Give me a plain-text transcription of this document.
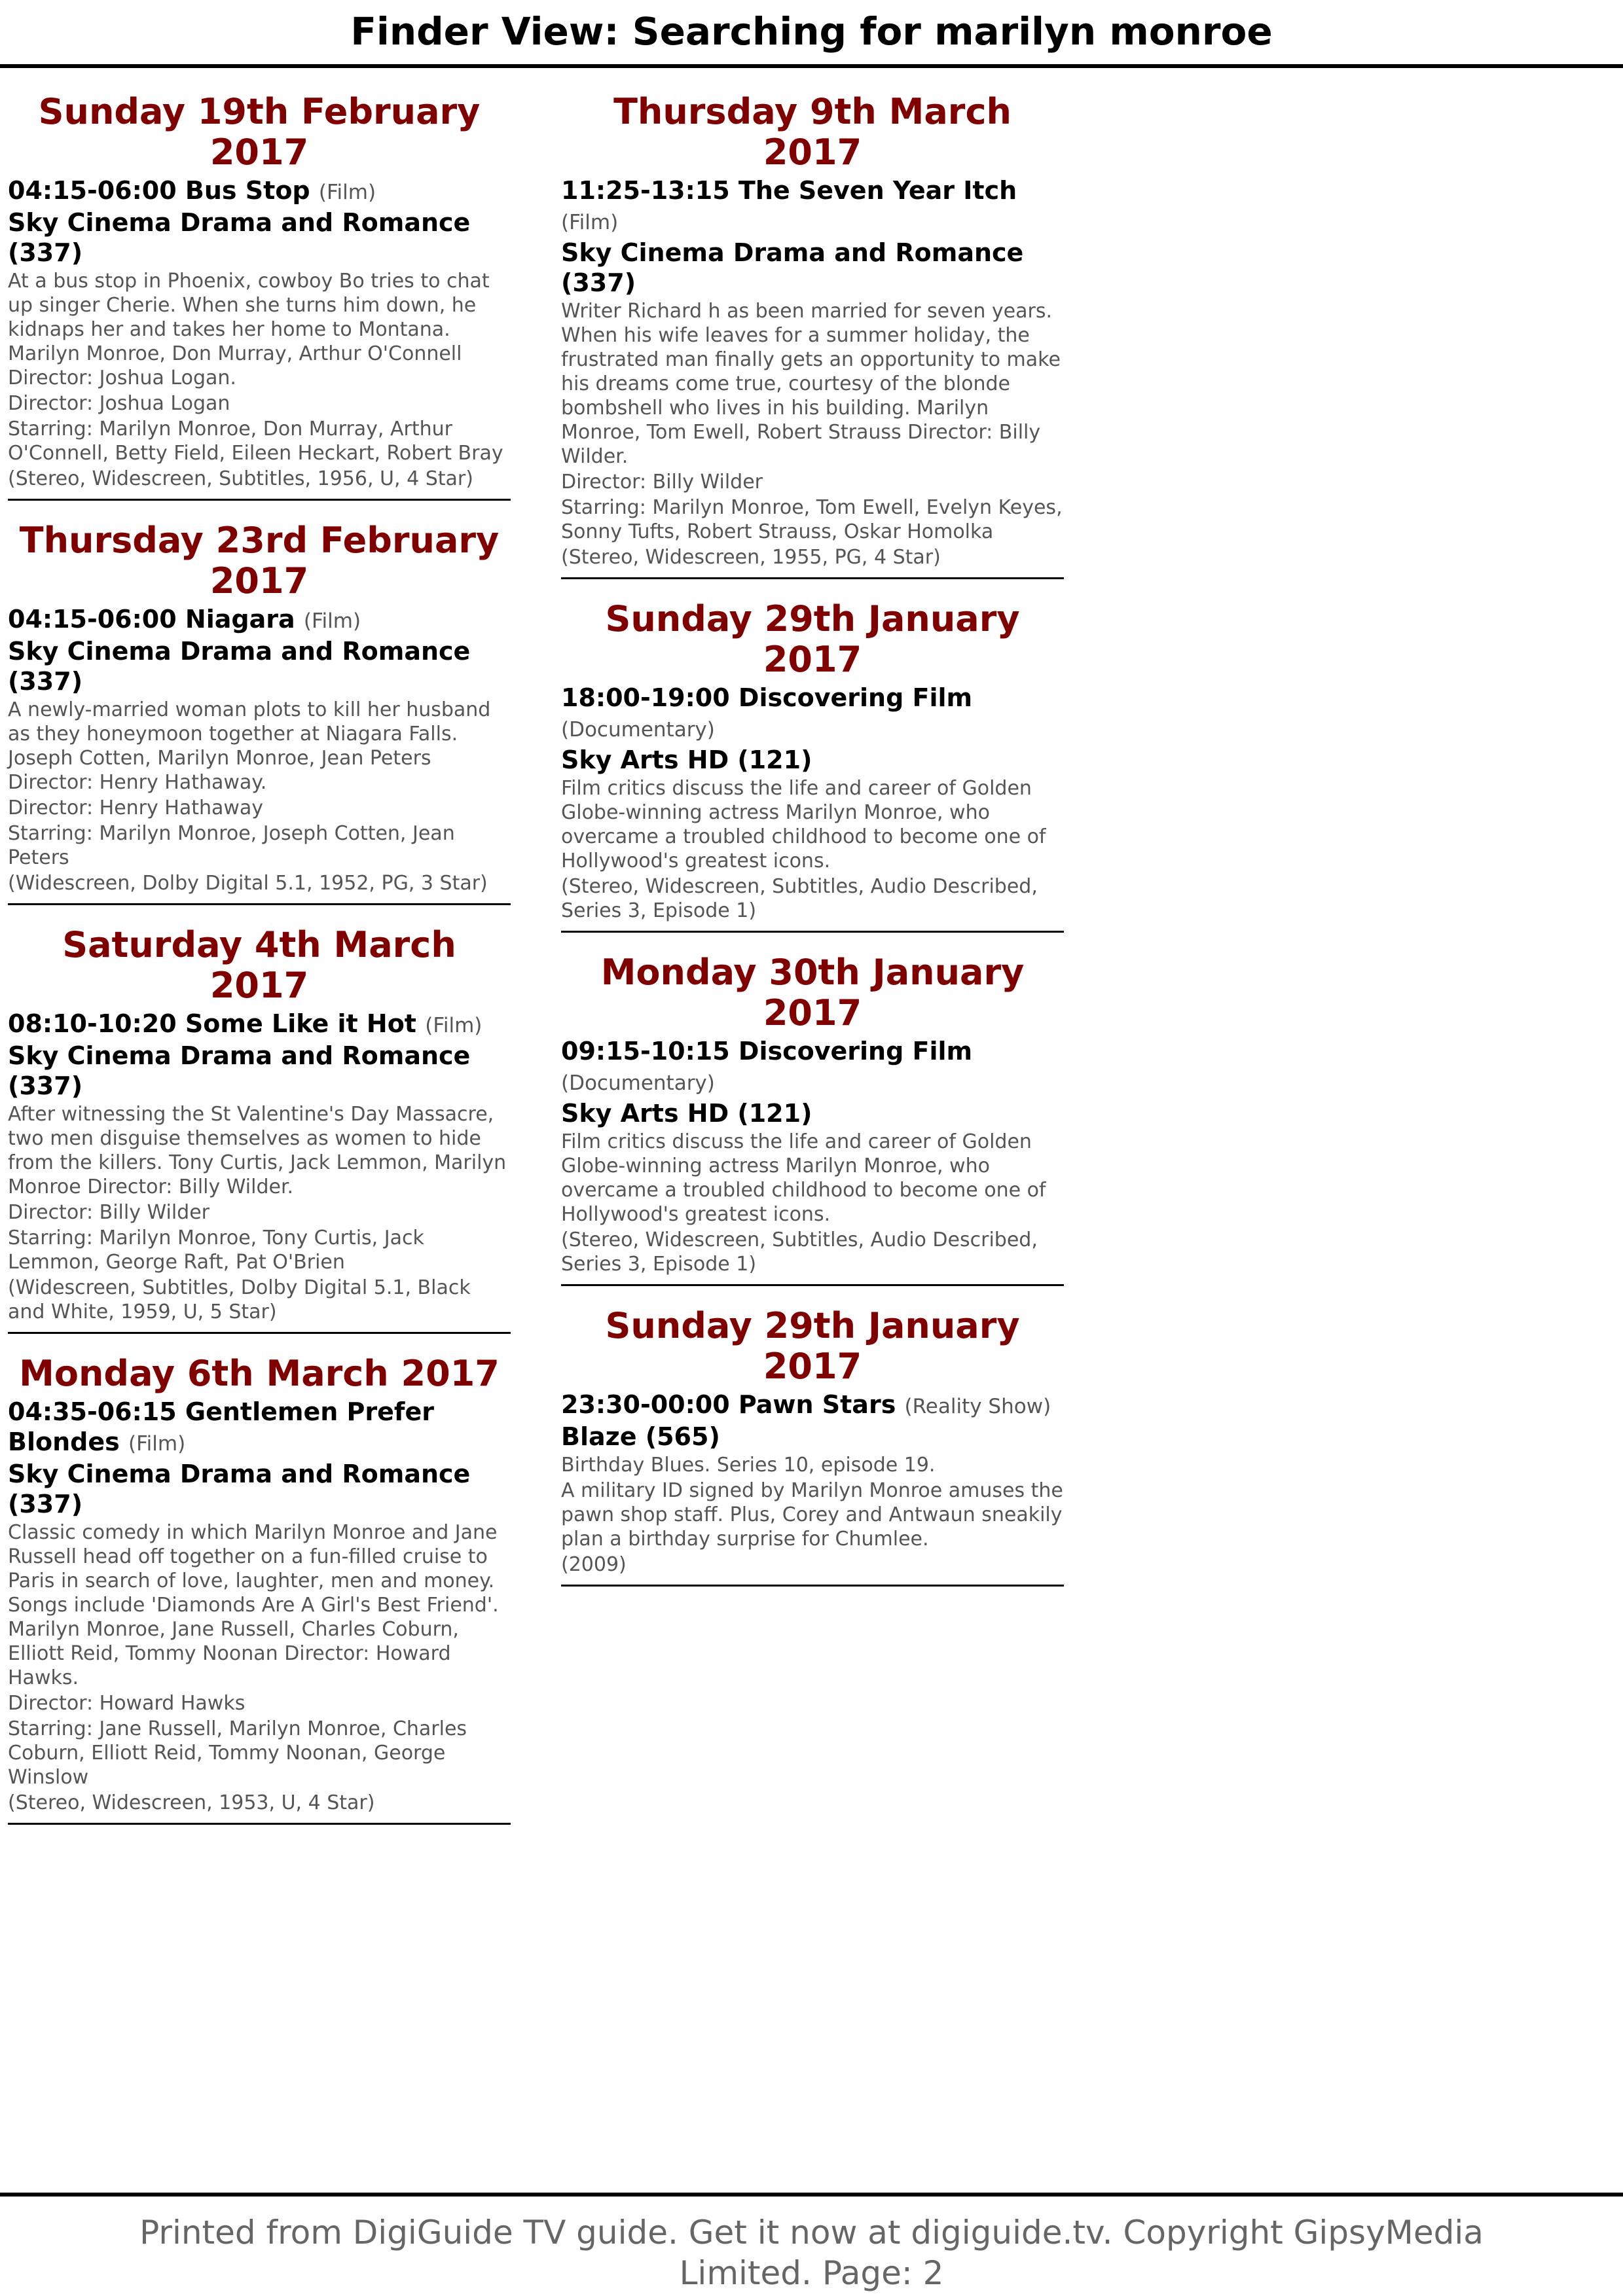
Finder View: Searching for marilyn monroe
Sunday 19th February 2017
04:15-06:00 Bus Stop (Film)
Sky Cinema Drama and Romance (337)
At a bus stop in Phoenix, cowboy Bo tries to chat up singer Cherie. When she turns him down, he kidnaps her and takes her home to Montana. Marilyn Monroe, Don Murray, Arthur O'Connell Director: Joshua Logan.
Director: Joshua Logan
Starring: Marilyn Monroe, Don Murray, Arthur O'Connell, Betty Field, Eileen Heckart, Robert Bray
(Stereo, Widescreen, Subtitles, 1956, U, 4 Star)
Thursday 23rd February 2017
04:15-06:00 Niagara (Film)
Sky Cinema Drama and Romance (337)
A newly-married woman plots to kill her husband as they honeymoon together at Niagara Falls. Joseph Cotten, Marilyn Monroe, Jean Peters Director: Henry Hathaway.
Director: Henry Hathaway
Starring: Marilyn Monroe, Joseph Cotten, Jean Peters
(Widescreen, Dolby Digital 5.1, 1952, PG, 3 Star)
Saturday 4th March 2017
08:10-10:20 Some Like it Hot (Film)
Sky Cinema Drama and Romance (337)
After witnessing the St Valentine's Day Massacre, two men disguise themselves as women to hide from the killers. Tony Curtis, Jack Lemmon, Marilyn Monroe Director: Billy Wilder.
Director: Billy Wilder
Starring: Marilyn Monroe, Tony Curtis, Jack Lemmon, George Raft, Pat O'Brien
(Widescreen, Subtitles, Dolby Digital 5.1, Black and White, 1959, U, 5 Star)
Monday 6th March 2017
04:35-06:15 Gentlemen Prefer Blondes (Film)
Sky Cinema Drama and Romance (337)
Classic comedy in which Marilyn Monroe and Jane Russell head off together on a fun-filled cruise to Paris in search of love, laughter, men and money. Songs include 'Diamonds Are A Girl's Best Friend'. Marilyn Monroe, Jane Russell, Charles Coburn, Elliott Reid, Tommy Noonan Director: Howard Hawks.
Director: Howard Hawks
Starring: Jane Russell, Marilyn Monroe, Charles Coburn, Elliott Reid, Tommy Noonan, George Winslow
(Stereo, Widescreen, 1953, U, 4 Star)
Thursday 9th March 2017
11:25-13:15 The Seven Year Itch (Film)
Sky Cinema Drama and Romance (337)
Writer Richard h as been married for seven years. When his wife leaves for a summer holiday, the frustrated man finally gets an opportunity to make his dreams come true, courtesy of the blonde bombshell who lives in his building. Marilyn Monroe, Tom Ewell, Robert Strauss Director: Billy Wilder.
Director: Billy Wilder
Starring: Marilyn Monroe, Tom Ewell, Evelyn Keyes, Sonny Tufts, Robert Strauss, Oskar Homolka
(Stereo, Widescreen, 1955, PG, 4 Star)
Sunday 29th January 2017
18:00-19:00 Discovering Film (Documentary)
Sky Arts HD (121)
Film critics discuss the life and career of Golden Globe-winning actress Marilyn Monroe, who overcame a troubled childhood to become one of Hollywood's greatest icons.
(Stereo, Widescreen, Subtitles, Audio Described, Series 3, Episode 1)
Monday 30th January 2017
09:15-10:15 Discovering Film (Documentary)
Sky Arts HD (121)
Film critics discuss the life and career of Golden Globe-winning actress Marilyn Monroe, who overcame a troubled childhood to become one of Hollywood's greatest icons.
(Stereo, Widescreen, Subtitles, Audio Described, Series 3, Episode 1)
Sunday 29th January 2017
23:30-00:00 Pawn Stars (Reality Show)
Blaze (565)
Birthday Blues. Series 10, episode 19.
A military ID signed by Marilyn Monroe amuses the pawn shop staff. Plus, Corey and Antwaun sneakily plan a birthday surprise for Chumlee.
(2009)
Printed from DigiGuide TV guide. Get it now at digiguide.tv. Copyright GipsyMedia Limited. Page: 2
